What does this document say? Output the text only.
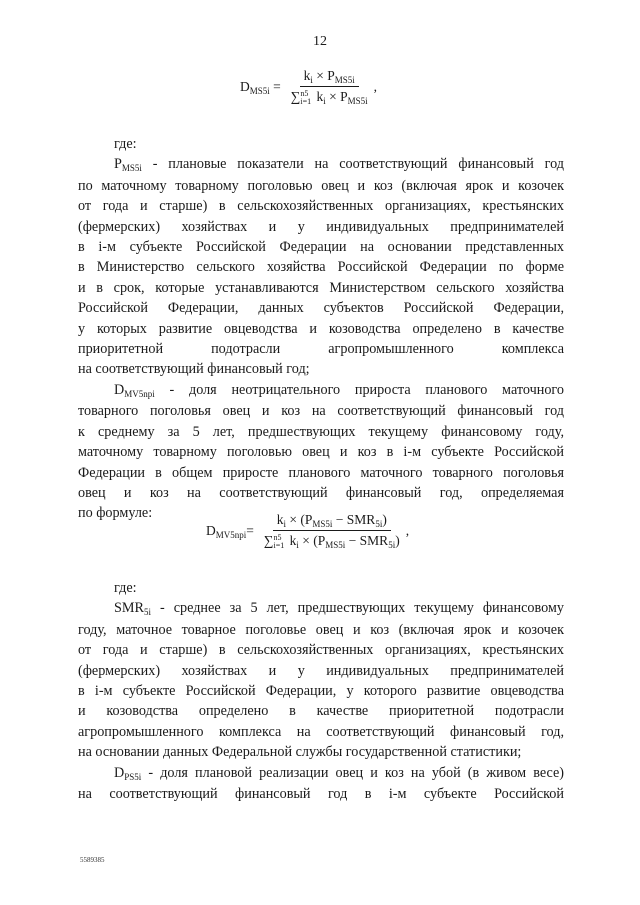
12
$D_{MS5i} = k_i \times P_{MS5i}$
∑ n5
i=1 $k_i \times P_{MS5i}$ ,

где:

$P_{MS5i}$ - плановые показатели на соответствующий финансовый год

по маточному товарному поголовью овец и коз (включая ярок и козочек

от года и старше) в сельскохозяйственных организациях, крестьянских

(фермерских) хозяйствах и у индивидуальных предпринимателей

в i-м субъекте Российской Федерации на основании представленных

в Министерство сельского хозяйства Российской Федерации по форме

и в срок, которые устанавливаются Министерством сельского хозяйства

Российской Федерации, данных субъектов Российской Федерации,

у которых развитие овцеводства и козоводства определено в качестве

приоритетной подотрасли агропромышленного комплекса

на соответствующий финансовый год;

$D_{MV5npi}$ - доля неотрицательного прироста планового маточного

товарного поголовья овец и коз на соответствующий финансовый год

к среднему за 5 лет, предшествующих текущему финансовому году,

маточному товарному поголовью овец и коз в i-м субъекте Российской

Федерации в общем приросте планового маточного товарного поголовья

овец и коз на соответствующий финансовый год, определяемая

по формуле:

$D_{MV5npi}= k_i \times (P_{MS5i} - SMR_{5i})$
∑ n5
i=1 $k_i \times (P_{MS5i} - SMR_{5i})$ ,

где:

$SMR_{5i}$ - среднее за 5 лет, предшествующих текущему финансовому

году, маточное товарное поголовье овец и коз (включая ярок и козочек

от года и старше) в сельскохозяйственных организациях, крестьянских

(фермерских) хозяйствах и у индивидуальных предпринимателей

в i-м субъекте Российской Федерации, у которого развитие овцеводства

и козоводства определено в качестве приоритетной подотрасли

агропромышленного комплекса на соответствующий финансовый год,

на основании данных Федеральной службы государственной статистики;

$D_{PS5i}$ - доля плановой реализации овец и коз на убой (в живом весе)

на соответствующий финансовый год в i-м субъекте Российской

5589385
